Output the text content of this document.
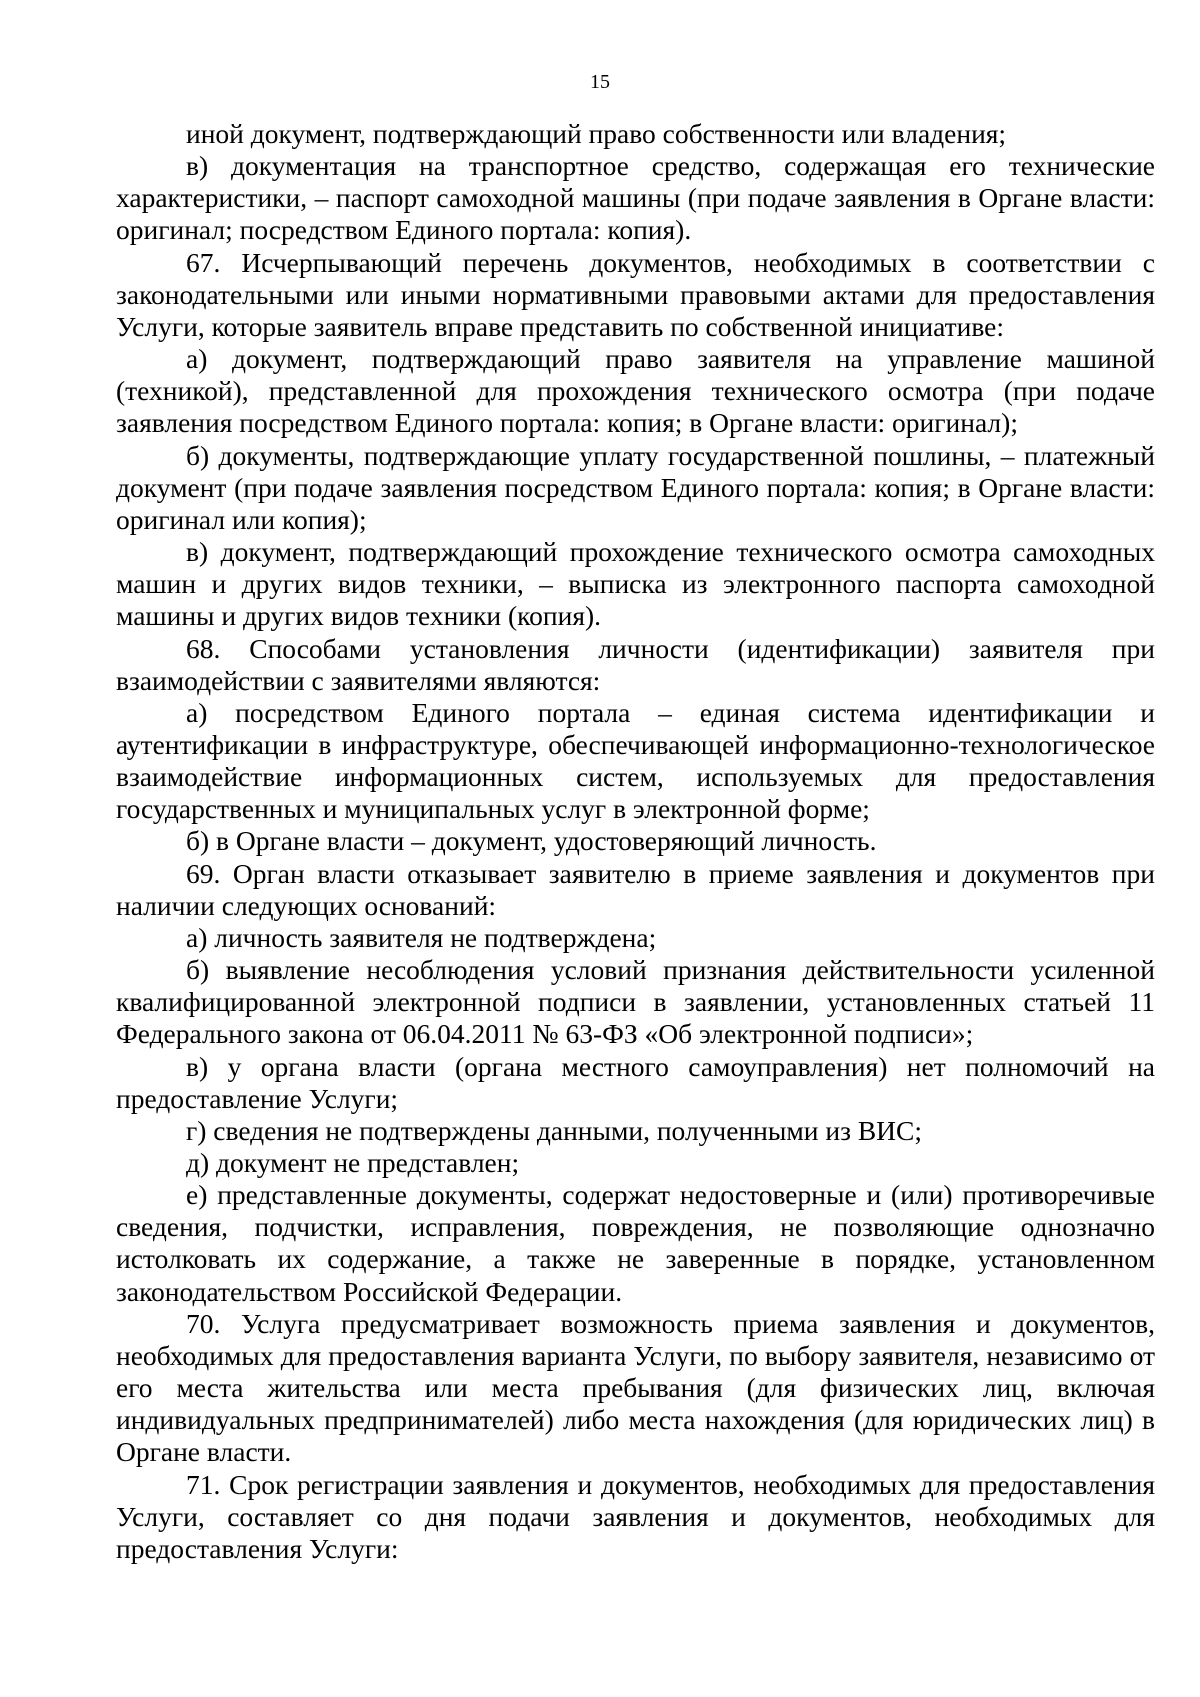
15

иной документ, подтверждающий право собственности или владения;

в) документация на транспортное средство, содержащая его технические характеристики, – паспорт самоходной машины (при подаче заявления в Органе власти: оригинал; посредством Единого портала: копия).

67. Исчерпывающий перечень документов, необходимых в соответствии с законодательными или иными нормативными правовыми актами для предоставления Услуги, которые заявитель вправе представить по собственной инициативе:

а) документ, подтверждающий право заявителя на управление машиной (техникой), представленной для прохождения технического осмотра (при подаче заявления посредством Единого портала: копия; в Органе власти: оригинал);

б) документы, подтверждающие уплату государственной пошлины, – платежный документ (при подаче заявления посредством Единого портала: копия; в Органе власти: оригинал или копия);

в) документ, подтверждающий прохождение технического осмотра самоходных машин и других видов техники, – выписка из электронного паспорта самоходной машины и других видов техники (копия).

68. Способами установления личности (идентификации) заявителя при взаимодействии с заявителями являются:

а) посредством Единого портала – единая система идентификации и аутентификации в инфраструктуре, обеспечивающей информационно-технологическое взаимодействие информационных систем, используемых для предоставления государственных и муниципальных услуг в электронной форме;

б) в Органе власти – документ, удостоверяющий личность.

69. Орган власти отказывает заявителю в приеме заявления и документов при наличии следующих оснований:

а) личность заявителя не подтверждена;

б) выявление несоблюдения условий признания действительности усиленной квалифицированной электронной подписи в заявлении, установленных статьей 11 Федерального закона от 06.04.2011 № 63-ФЗ «Об электронной подписи»;

в) у органа власти (органа местного самоуправления) нет полномочий на предоставление Услуги;

г) сведения не подтверждены данными, полученными из ВИС;

д) документ не представлен;

е) представленные документы, содержат недостоверные и (или) противоречивые сведения, подчистки, исправления, повреждения, не позволяющие однозначно истолковать их содержание, а также не заверенные в порядке, установленном законодательством Российской Федерации.

70. Услуга предусматривает возможность приема заявления и документов, необходимых для предоставления варианта Услуги, по выбору заявителя, независимо от его места жительства или места пребывания (для физических лиц, включая индивидуальных предпринимателей) либо места нахождения (для юридических лиц) в Органе власти.

71. Срок регистрации заявления и документов, необходимых для предоставления Услуги, составляет со дня подачи заявления и документов, необходимых для предоставления Услуги:
